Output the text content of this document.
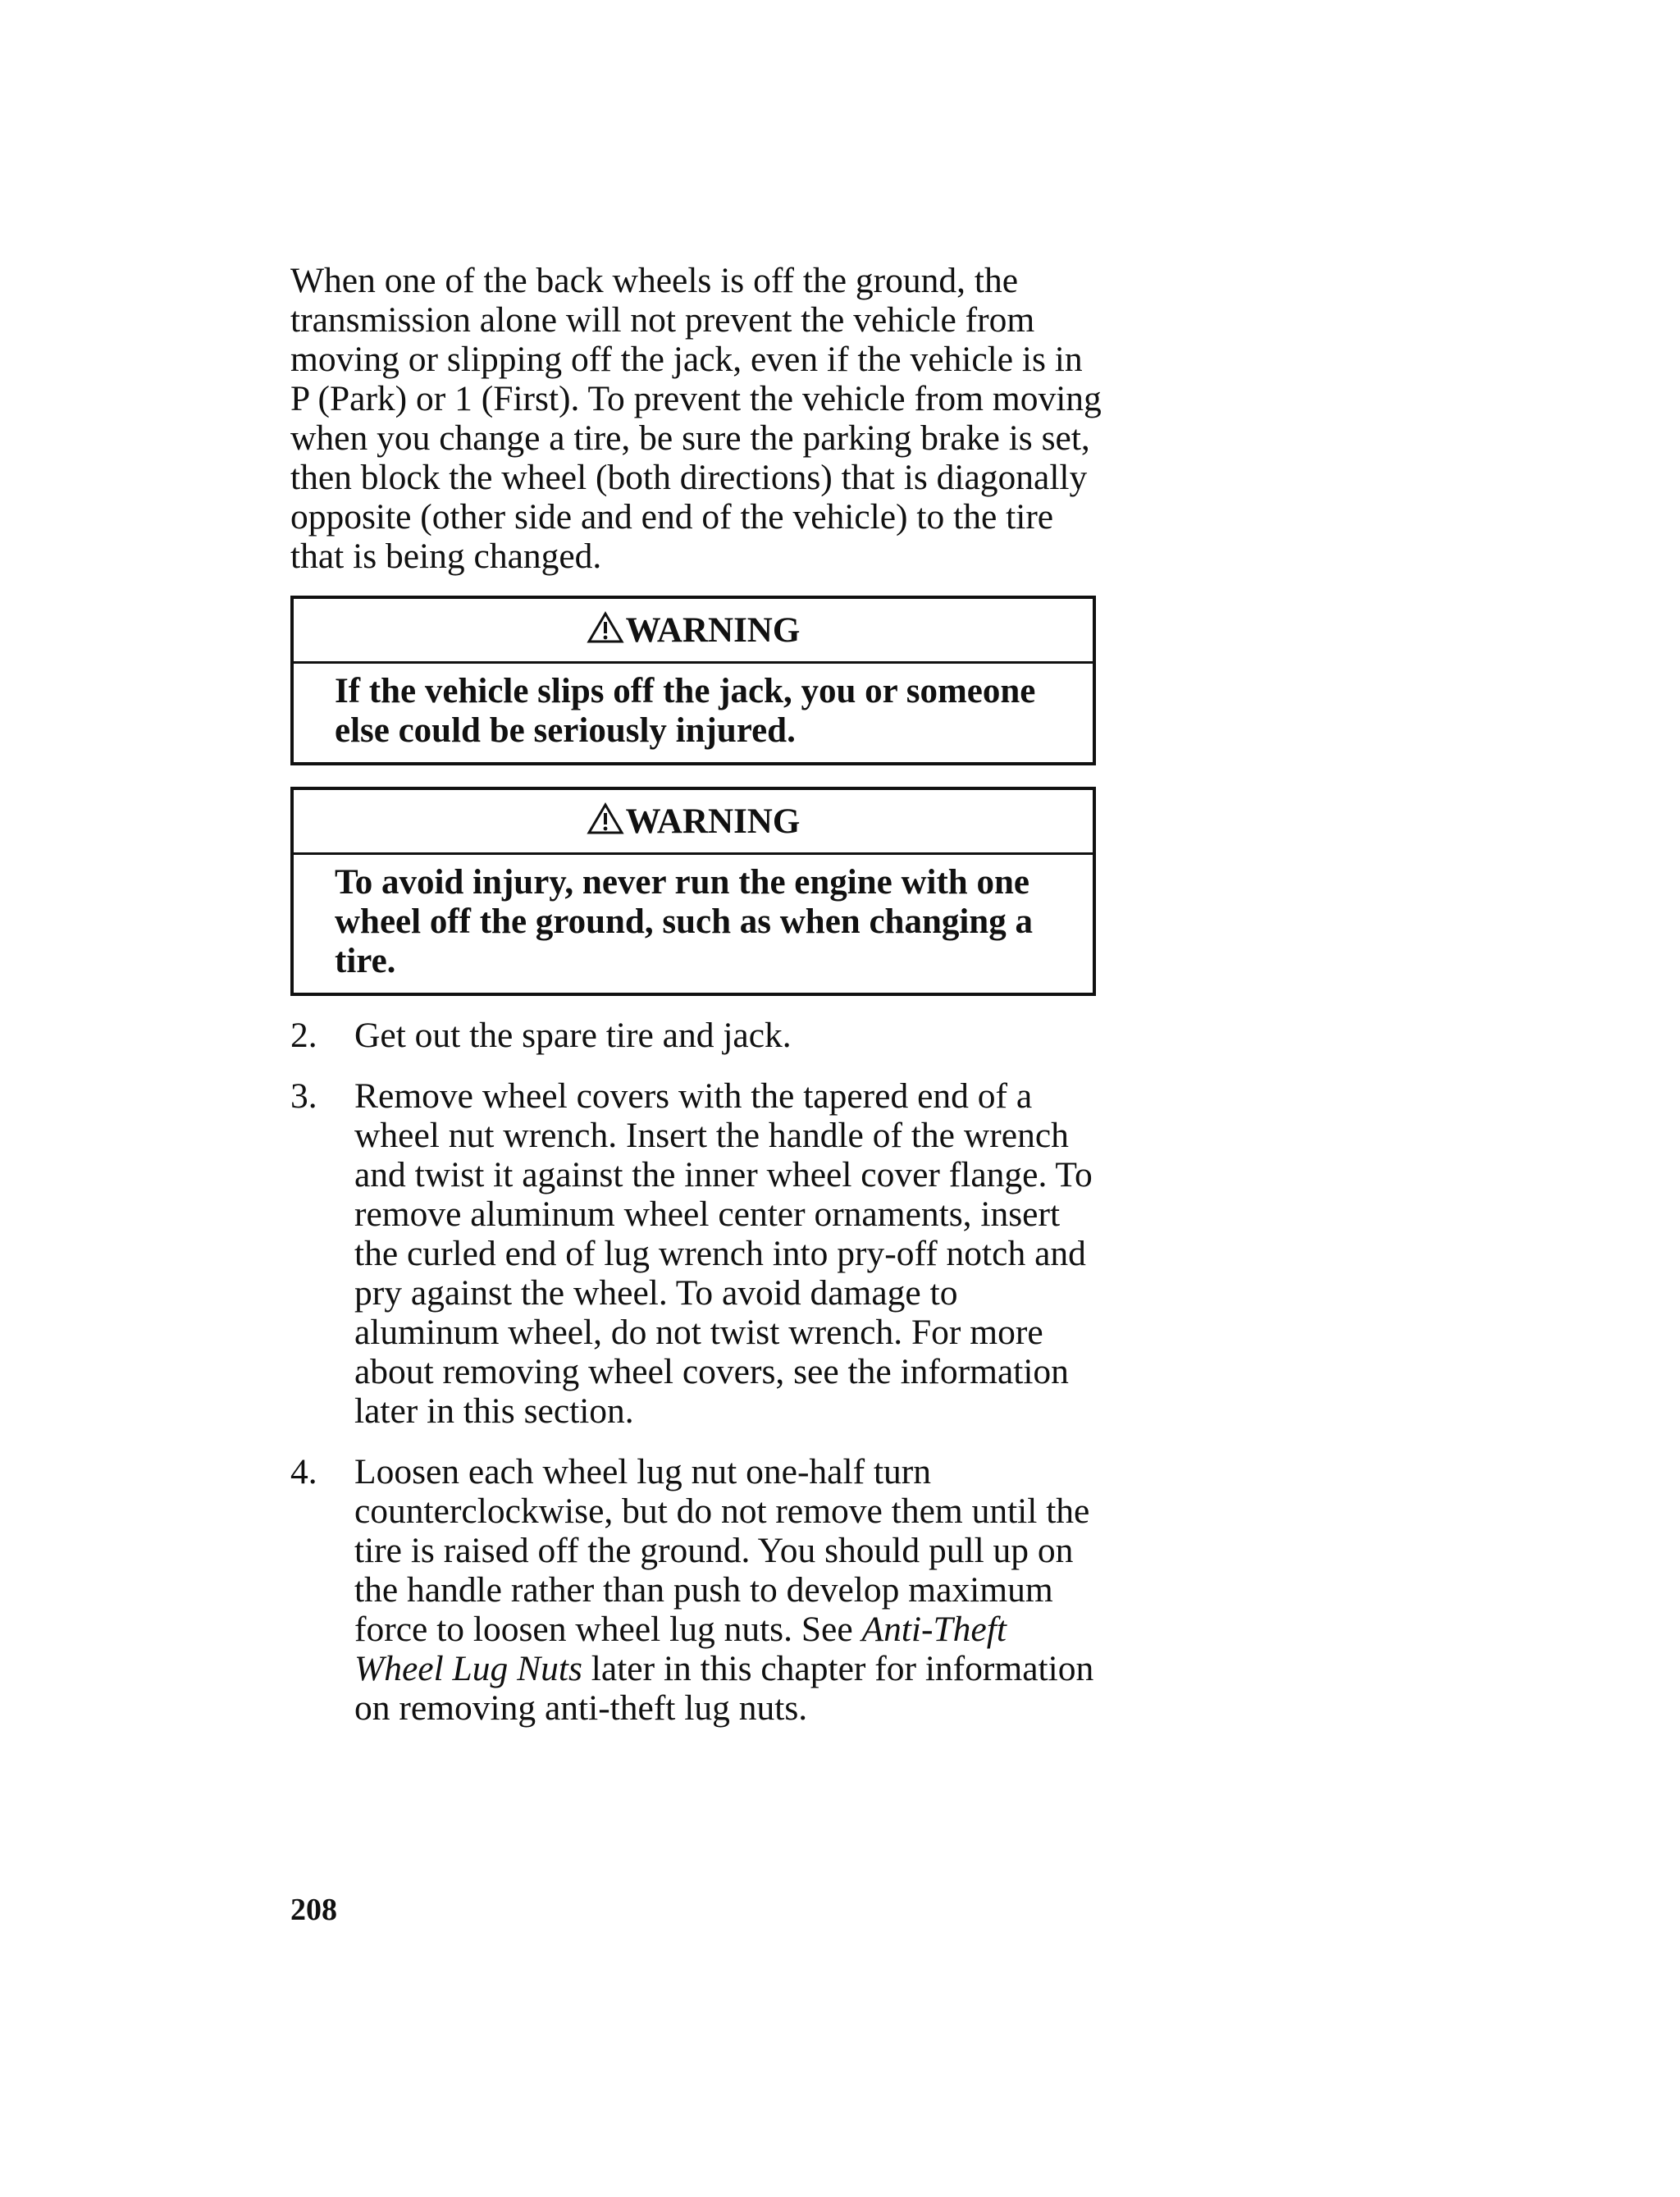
When one of the back wheels is off the ground, the transmission alone will not prevent the vehicle from moving or slipping off the jack, even if the vehicle is in P (Park) or 1 (First). To prevent the vehicle from moving when you change a tire, be sure the parking brake is set, then block the wheel (both directions) that is diagonally opposite (other side and end of the vehicle) to the tire that is being changed.

WARNING
If the vehicle slips off the jack, you or someone else could be seriously injured.
WARNING
To avoid injury, never run the engine with one wheel off the ground, such as when changing a tire.
2.	Get out the spare tire and jack.
3.	Remove wheel covers with the tapered end of a wheel nut wrench. Insert the handle of the wrench and twist it against the inner wheel cover flange. To remove aluminum wheel center ornaments, insert the curled end of lug wrench into pry-off notch and pry against the wheel. To avoid damage to aluminum wheel, do not twist wrench. For more about removing wheel covers, see the information later in this section.
4.	Loosen each wheel lug nut one-half turn counterclockwise, but do not remove them until the tire is raised off the ground. You should pull up on the handle rather than push to develop maximum force to loosen wheel lug nuts. See Anti-Theft Wheel Lug Nuts later in this chapter for information on removing anti-theft lug nuts.
208
